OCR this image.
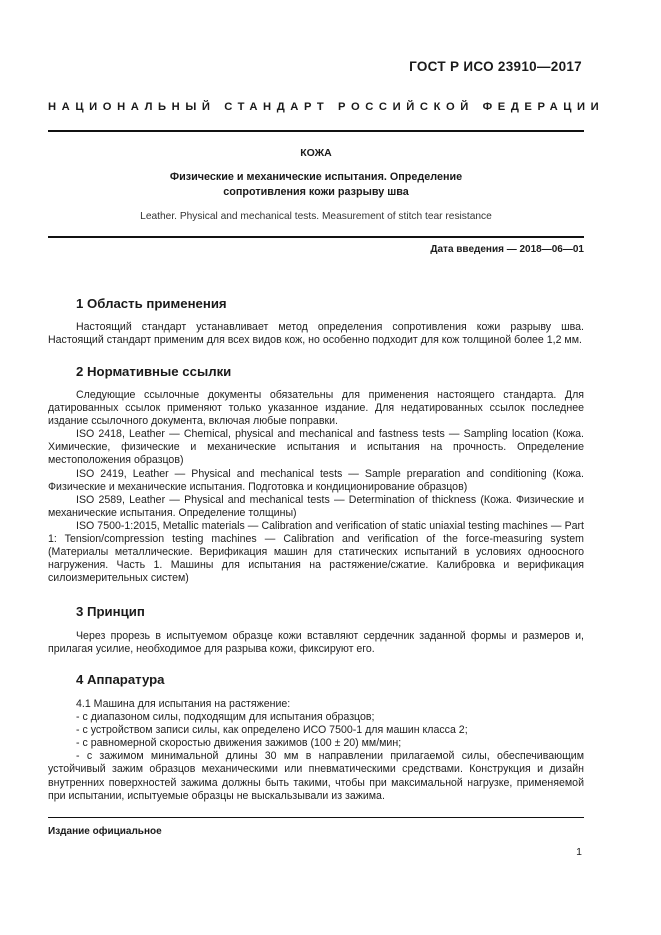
ГОСТ Р ИСО 23910—2017
НАЦИОНАЛЬНЫЙ СТАНДАРТ РОССИЙСКОЙ ФЕДЕРАЦИИ
КОЖА
Физические и механические испытания. Определение
сопротивления кожи разрыву шва
Leather. Physical and mechanical tests. Measurement of stitch tear resistance
Дата введения — 2018—06—01
1 Область применения

Настоящий стандарт устанавливает метод определения сопротивления кожи разрыву шва. Настоящий стандарт применим для всех видов кож, но особенно подходит для кож толщиной более 1,2 мм.

2 Нормативные ссылки

Следующие ссылочные документы обязательны для применения настоящего стандарта. Для датированных ссылок применяют только указанное издание. Для недатированных ссылок последнее издание ссылочного документа, включая любые поправки.

ISO 2418, Leather — Chemical, physical and mechanical and fastness tests — Sampling location (Кожа. Химические, физические и механические испытания и испытания на прочность. Определение местоположения образцов)

ISO 2419, Leather — Physical and mechanical tests — Sample preparation and conditioning (Кожа. Физические и механические испытания. Подготовка и кондиционирование образцов)

ISO 2589, Leather — Physical and mechanical tests — Determination of thickness (Кожа. Физические и механические испытания. Определение толщины)

ISO 7500-1:2015, Metallic materials — Calibration and verification of static uniaxial testing machines — Part 1: Tension/compression testing machines — Calibration and verification of the force-measuring system (Материалы металлические. Верификация машин для статических испытаний в условиях одноосного нагружения. Часть 1. Машины для испытания на растяжение/сжатие. Калибровка и верификация силоизмерительных систем)

3 Принцип

Через прорезь в испытуемом образце кожи вставляют сердечник заданной формы и размеров и, прилагая усилие, необходимое для разрыва кожи, фиксируют его.

4 Аппаратура

4.1 Машина для испытания на растяжение:

- с диапазоном силы, подходящим для испытания образцов;

- с устройством записи силы, как определено ИСО 7500-1 для машин класса 2;

- с равномерной скоростью движения зажимов (100 ± 20) мм/мин;

- с зажимом минимальной длины 30 мм в направлении прилагаемой силы, обеспечивающим устойчивый зажим образцов механическими или пневматическими средствами. Конструкция и дизайн внутренних поверхностей зажима должны быть такими, чтобы при максимальной нагрузке, применяемой при испытании, испытуемые образцы не выскальзывали из зажима.

Издание официальное
1
